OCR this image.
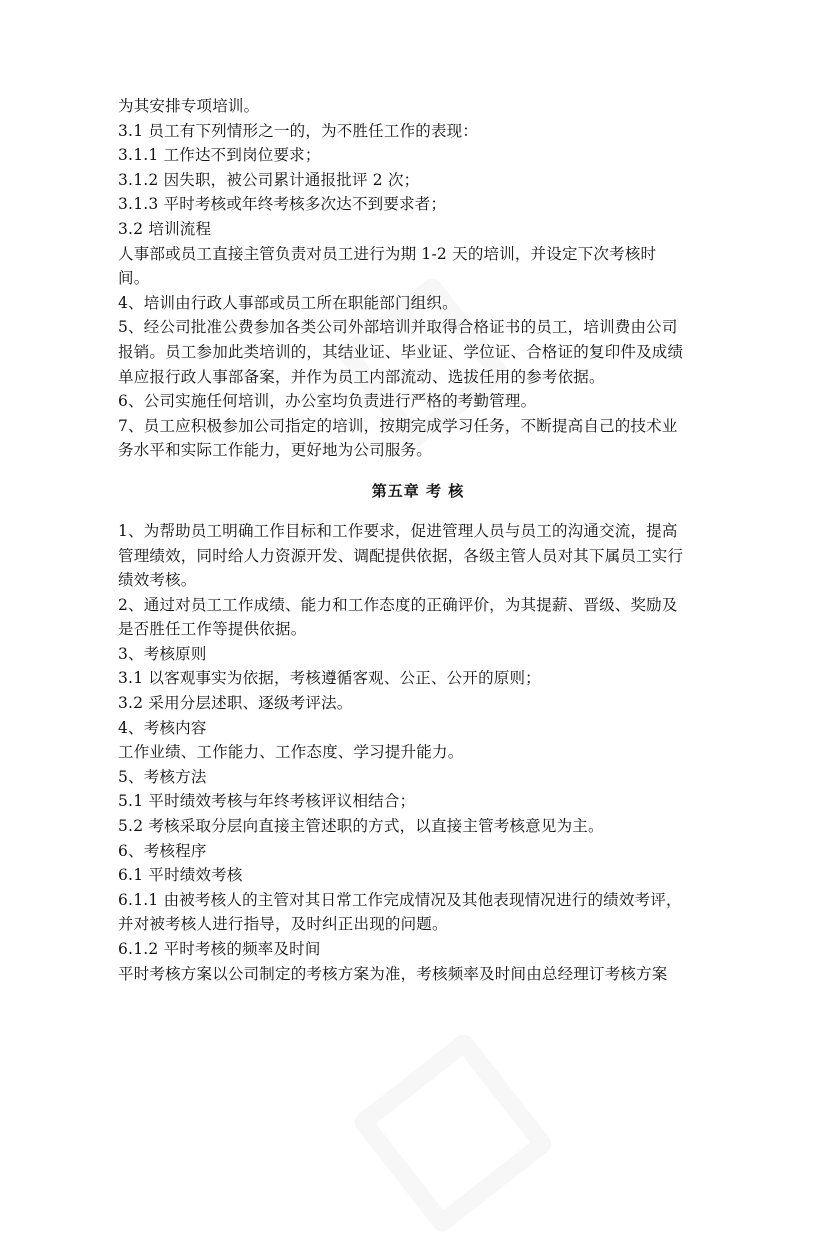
为其安排专项培训。
3.1 员工有下列情形之一的，为不胜任工作的表现：
3.1.1 工作达不到岗位要求；
3.1.2 因失职，被公司累计通报批评 2 次；
3.1.3 平时考核或年终考核多次达不到要求者；
3.2 培训流程
人事部或员工直接主管负责对员工进行为期 1-2 天的培训，并设定下次考核时
间。
4、培训由行政人事部或员工所在职能部门组织。
5、经公司批准公费参加各类公司外部培训并取得合格证书的员工，培训费由公司
报销。员工参加此类培训的，其结业证、毕业证、学位证、合格证的复印件及成绩
单应报行政人事部备案，并作为员工内部流动、选拔任用的参考依据。
6、公司实施任何培训，办公室均负责进行严格的考勤管理。
7、员工应积极参加公司指定的培训，按期完成学习任务，不断提高自己的技术业
务水平和实际工作能力，更好地为公司服务。
第五章 考 核
1、为帮助员工明确工作目标和工作要求，促进管理人员与员工的沟通交流，提高
管理绩效，同时给人力资源开发、调配提供依据，各级主管人员对其下属员工实行
绩效考核。
2、通过对员工工作成绩、能力和工作态度的正确评价，为其提薪、晋级、奖励及
是否胜任工作等提供依据。
3、考核原则
3.1 以客观事实为依据，考核遵循客观、公正、公开的原则；
3.2 采用分层述职、逐级考评法。
4、考核内容
工作业绩、工作能力、工作态度、学习提升能力。
5、考核方法
5.1 平时绩效考核与年终考核评议相结合；
5.2 考核采取分层向直接主管述职的方式，以直接主管考核意见为主。
6、考核程序
6.1 平时绩效考核
6.1.1 由被考核人的主管对其日常工作完成情况及其他表现情况进行的绩效考评，
并对被考核人进行指导，及时纠正出现的问题。
6.1.2 平时考核的频率及时间
平时考核方案以公司制定的考核方案为准，考核频率及时间由总经理订考核方案
